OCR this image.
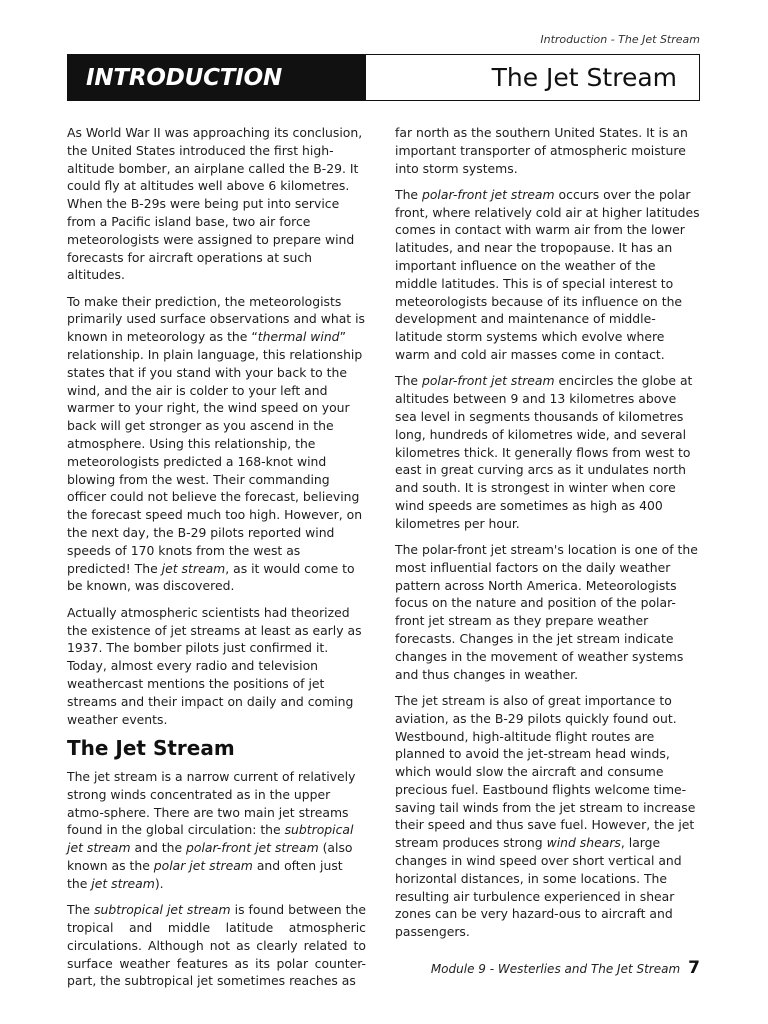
Introduction - The Jet Stream
INTRODUCTION	The Jet Stream

As World War II was approaching its conclusion, the United States introduced the first high-altitude bomber, an airplane called the B-29. It could fly at altitudes well above 6 kilometres. When the B-29s were being put into service from a Pacific island base, two air force meteorologists were assigned to prepare wind forecasts for aircraft operations at such altitudes.

To make their prediction, the meteorologists primarily used surface observations and what is known in meteorology as the “thermal wind” relationship. In plain language, this relationship states that if you stand with your back to the wind, and the air is colder to your left and warmer to your right, the wind speed on your back will get stronger as you ascend in the atmosphere. Using this relationship, the meteorologists predicted a 168-knot wind blowing from the west. Their commanding officer could not believe the forecast, believing the forecast speed much too high. However, on the next day, the B-29 pilots reported wind speeds of 170 knots from the west as predicted! The jet stream, as it would come to be known, was discovered.

Actually atmospheric scientists had theorized the existence of jet streams at least as early as 1937. The bomber pilots just confirmed it. Today, almost every radio and television weathercast mentions the positions of jet streams and their impact on daily and coming weather events.

The Jet Stream

The jet stream is a narrow current of relatively strong winds concentrated as in the upper atmo-sphere. There are two main jet streams found in the global circulation: the subtropical jet stream and the polar-front jet stream (also known as the polar jet stream and often just the jet stream).

The subtropical jet stream is found between the tropical and middle latitude atmospheric circulations. Although not as clearly related to surface weather features as its polar counter-part, the subtropical jet sometimes reaches as

far north as the southern United States. It is an important transporter of atmospheric moisture into storm systems.

The polar-front jet stream occurs over the polar front, where relatively cold air at higher latitudes comes in contact with warm air from the lower latitudes, and near the tropopause. It has an important influence on the weather of the middle latitudes. This is of special interest to meteorologists because of its influence on the development and maintenance of middle-latitude storm systems which evolve where warm and cold air masses come in contact.

The polar-front jet stream encircles the globe at altitudes between 9 and 13 kilometres above sea level in segments thousands of kilometres long, hundreds of kilometres wide, and several kilometres thick. It generally flows from west to east in great curving arcs as it undulates north and south. It is strongest in winter when core wind speeds are sometimes as high as 400 kilometres per hour.

The polar-front jet stream's location is one of the most influential factors on the daily weather pattern across North America. Meteorologists focus on the nature and position of the polar-front jet stream as they prepare weather forecasts. Changes in the jet stream indicate changes in the movement of weather systems and thus changes in weather.

The jet stream is also of great importance to aviation, as the B-29 pilots quickly found out. Westbound, high-altitude flight routes are planned to avoid the jet-stream head winds, which would slow the aircraft and consume precious fuel. Eastbound flights welcome time-saving tail winds from the jet stream to increase their speed and thus save fuel. However, the jet stream produces strong wind shears, large changes in wind speed over short vertical and horizontal distances, in some locations. The resulting air turbulence experienced in shear zones can be very hazard-ous to aircraft and passengers.

Module 9 - Westerlies and The Jet Stream 7
